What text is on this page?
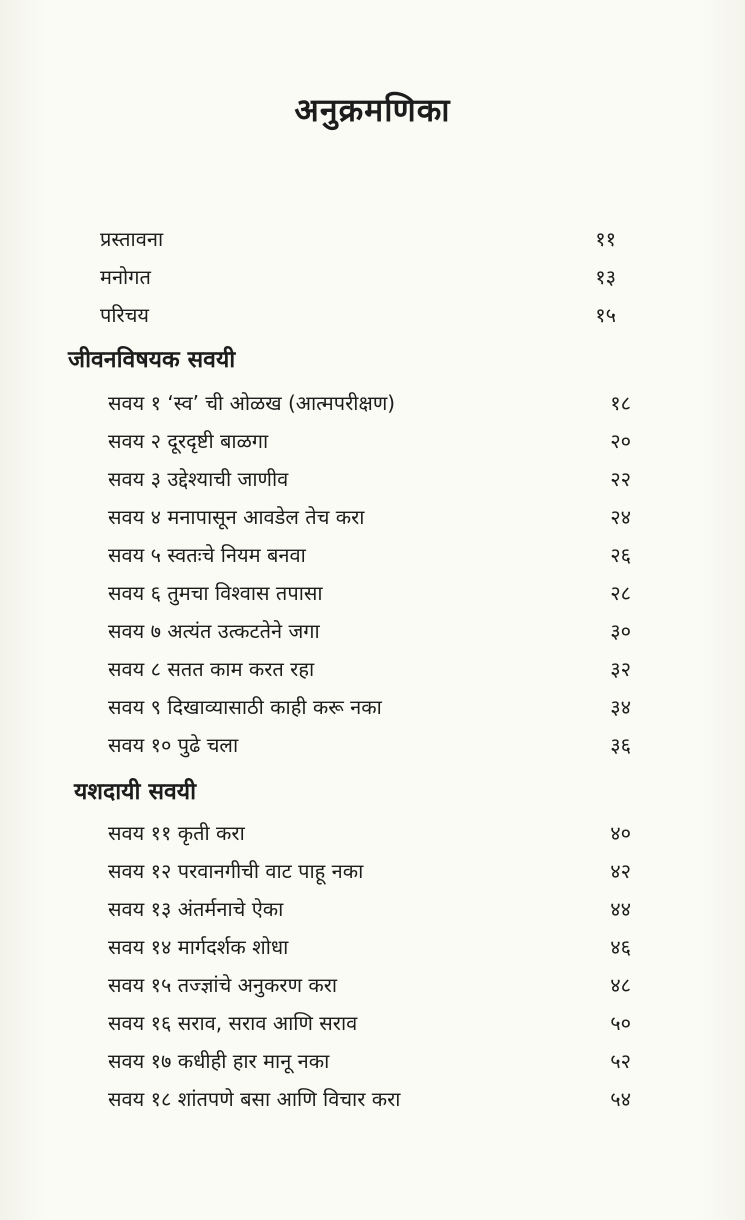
अनुक्रमणिका
प्रस्तावना	११
मनोगत	१३
परिचय	१५
जीवनविषयक सवयी
सवय १ ‘स्व’ ची ओळख (आत्मपरीक्षण)	१८
सवय २ दूरदृष्टी बाळगा	२०
सवय ३ उद्देश्याची जाणीव	२२
सवय ४ मनापासून आवडेल तेच करा	२४
सवय ५ स्वतःचे नियम बनवा	२६
सवय ६ तुमचा विश्वास तपासा	२८
सवय ७ अत्यंत उत्कटतेने जगा	३०
सवय ८ सतत काम करत रहा	३२
सवय ९ दिखाव्यासाठी काही करू नका	३४
सवय १० पुढे चला	३६
यशदायी सवयी
सवय ११ कृती करा	४०
सवय १२ परवानगीची वाट पाहू नका	४२
सवय १३ अंतर्मनाचे ऐका	४४
सवय १४ मार्गदर्शक शोधा	४६
सवय १५ तज्ज्ञांचे अनुकरण करा	४८
सवय १६ सराव, सराव आणि सराव	५०
सवय १७ कधीही हार मानू नका	५२
सवय १८ शांतपणे बसा आणि विचार करा	५४
